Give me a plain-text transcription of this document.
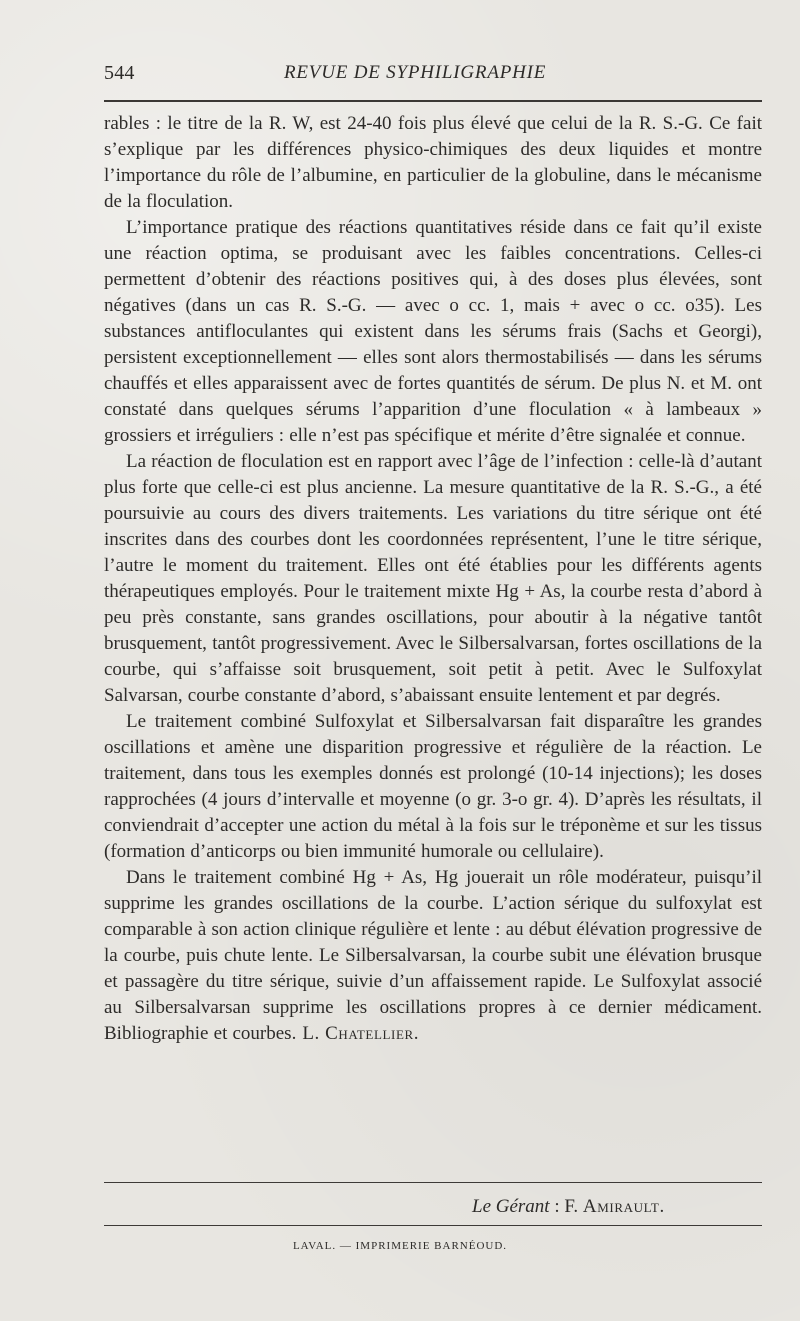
544	REVUE DE SYPHILIGRAPHIE

rables : le titre de la R. W, est 24-40 fois plus élevé que celui de la R. S.-G. Ce fait s’explique par les différences physico-chimiques des deux liquides et montre l’importance du rôle de l’albumine, en particulier de la globuline, dans le mécanisme de la floculation.

L’importance pratique des réactions quantitatives réside dans ce fait qu’il existe une réaction optima, se produisant avec les faibles concentrations. Celles-ci permettent d’obtenir des réactions positives qui, à des doses plus élevées, sont négatives (dans un cas R. S.-G. — avec o cc. 1, mais + avec o cc. o35). Les substances antifloculantes qui existent dans les sérums frais (Sachs et Georgi), persistent exceptionnellement — elles sont alors thermostabilisés — dans les sérums chauffés et elles apparaissent avec de fortes quantités de sérum. De plus N. et M. ont constaté dans quelques sérums l’apparition d’une floculation « à lambeaux » grossiers et irréguliers : elle n’est pas spécifique et mérite d’être signalée et connue.

La réaction de floculation est en rapport avec l’âge de l’infection : celle-là d’autant plus forte que celle-ci est plus ancienne. La mesure quantitative de la R. S.-G., a été poursuivie au cours des divers traitements. Les variations du titre sérique ont été inscrites dans des courbes dont les coordonnées représentent, l’une le titre sérique, l’autre le moment du traitement. Elles ont été établies pour les différents agents thérapeutiques employés. Pour le traitement mixte Hg + As, la courbe resta d’abord à peu près constante, sans grandes oscillations, pour aboutir à la négative tantôt brusquement, tantôt progressivement. Avec le Silbersalvarsan, fortes oscillations de la courbe, qui s’affaisse soit brusquement, soit petit à petit. Avec le Sulfoxylat Salvarsan, courbe constante d’abord, s’abaissant ensuite lentement et par degrés.

Le traitement combiné Sulfoxylat et Silbersalvarsan fait disparaître les grandes oscillations et amène une disparition progressive et régulière de la réaction. Le traitement, dans tous les exemples donnés est prolongé (10-14 injections); les doses rapprochées (4 jours d’intervalle et moyenne (o gr. 3-o gr. 4). D’après les résultats, il conviendrait d’accepter une action du métal à la fois sur le tréponème et sur les tissus (formation d’anticorps ou bien immunité humorale ou cellulaire).

Dans le traitement combiné Hg + As, Hg jouerait un rôle modérateur, puisqu’il supprime les grandes oscillations de la courbe. L’action sérique du sulfoxylat est comparable à son action clinique régulière et lente : au début élévation progressive de la courbe, puis chute lente. Le Silbersalvarsan, la courbe subit une élévation brusque et passagère du titre sérique, suivie d’un affaissement rapide. Le Sulfoxylat associé au Silbersalvarsan supprime les oscillations propres à ce dernier médicament. Bibliographie et courbes. L. Chatellier.

Le Gérant : F. Amirault.
LAVAL. — IMPRIMERIE BARNÉOUD.
